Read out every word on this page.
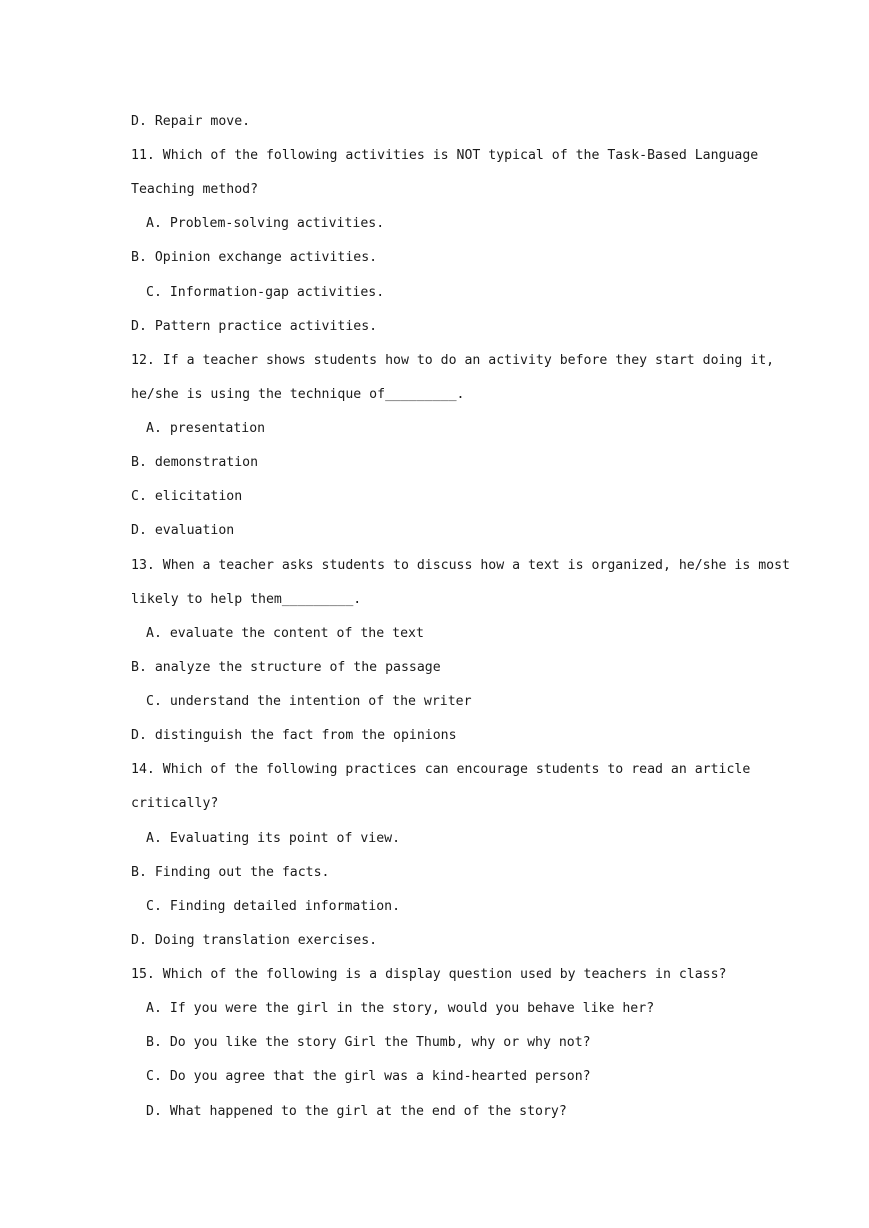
D. Repair move.
11. Which of the following activities is NOT typical of the Task-Based Language
Teaching method?
A. Problem-solving activities.
B. Opinion exchange activities.
C. Information-gap activities.
D. Pattern practice activities.
12. If a teacher shows students how to do an activity before they start doing it,
he/she is using the technique of_________.
A. presentation
B. demonstration
C. elicitation
D. evaluation
13. When a teacher asks students to discuss how a text is organized, he/she is most
likely to help them_________.
A. evaluate the content of the text
B. analyze the structure of the passage
C. understand the intention of the writer
D. distinguish the fact from the opinions
14. Which of the following practices can encourage students to read an article
critically?
A. Evaluating its point of view.
B. Finding out the facts.
C. Finding detailed information.
D. Doing translation exercises.
15. Which of the following is a display question used by teachers in class?
A. If you were the girl in the story, would you behave like her?
B. Do you like the story Girl the Thumb, why or why not?
C. Do you agree that the girl was a kind-hearted person?
D. What happened to the girl at the end of the story?
